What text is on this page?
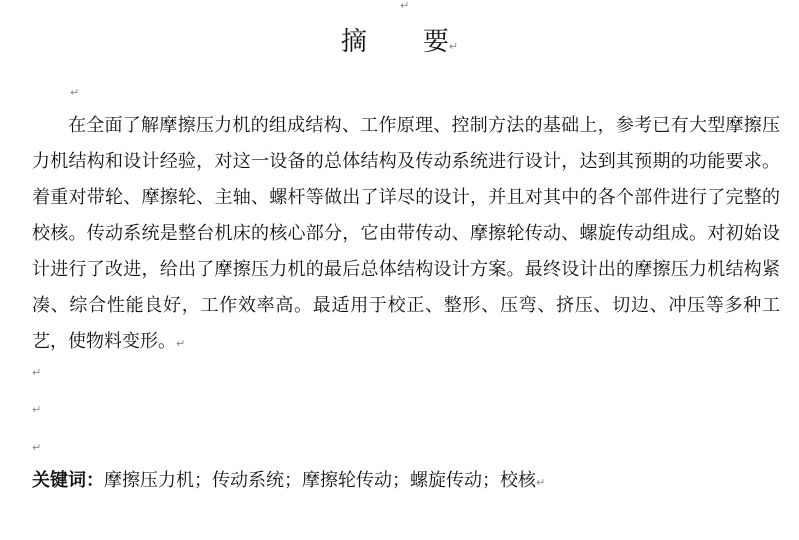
↵
摘 要↵
↵

在全面了解摩擦压力机的组成结构、工作原理、控制方法的基础上，参考已有大型摩擦压力机结构和设计经验，对这一设备的总体结构及传动系统进行设计，达到其预期的功能要求。着重对带轮、摩擦轮、主轴、螺杆等做出了详尽的设计，并且对其中的各个部件进行了完整的校核。传动系统是整台机床的核心部分，它由带传动、摩擦轮传动、螺旋传动组成。对初始设计进行了改进，给出了摩擦压力机的最后总体结构设计方案。最终设计出的摩擦压力机结构紧凑、综合性能良好，工作效率高。最适用于校正、整形、压弯、挤压、切边、冲压等多种工艺，使物料变形。↵

↵
↵
↵
关键词：摩擦压力机；传动系统；摩擦轮传动；螺旋传动；校核↵
